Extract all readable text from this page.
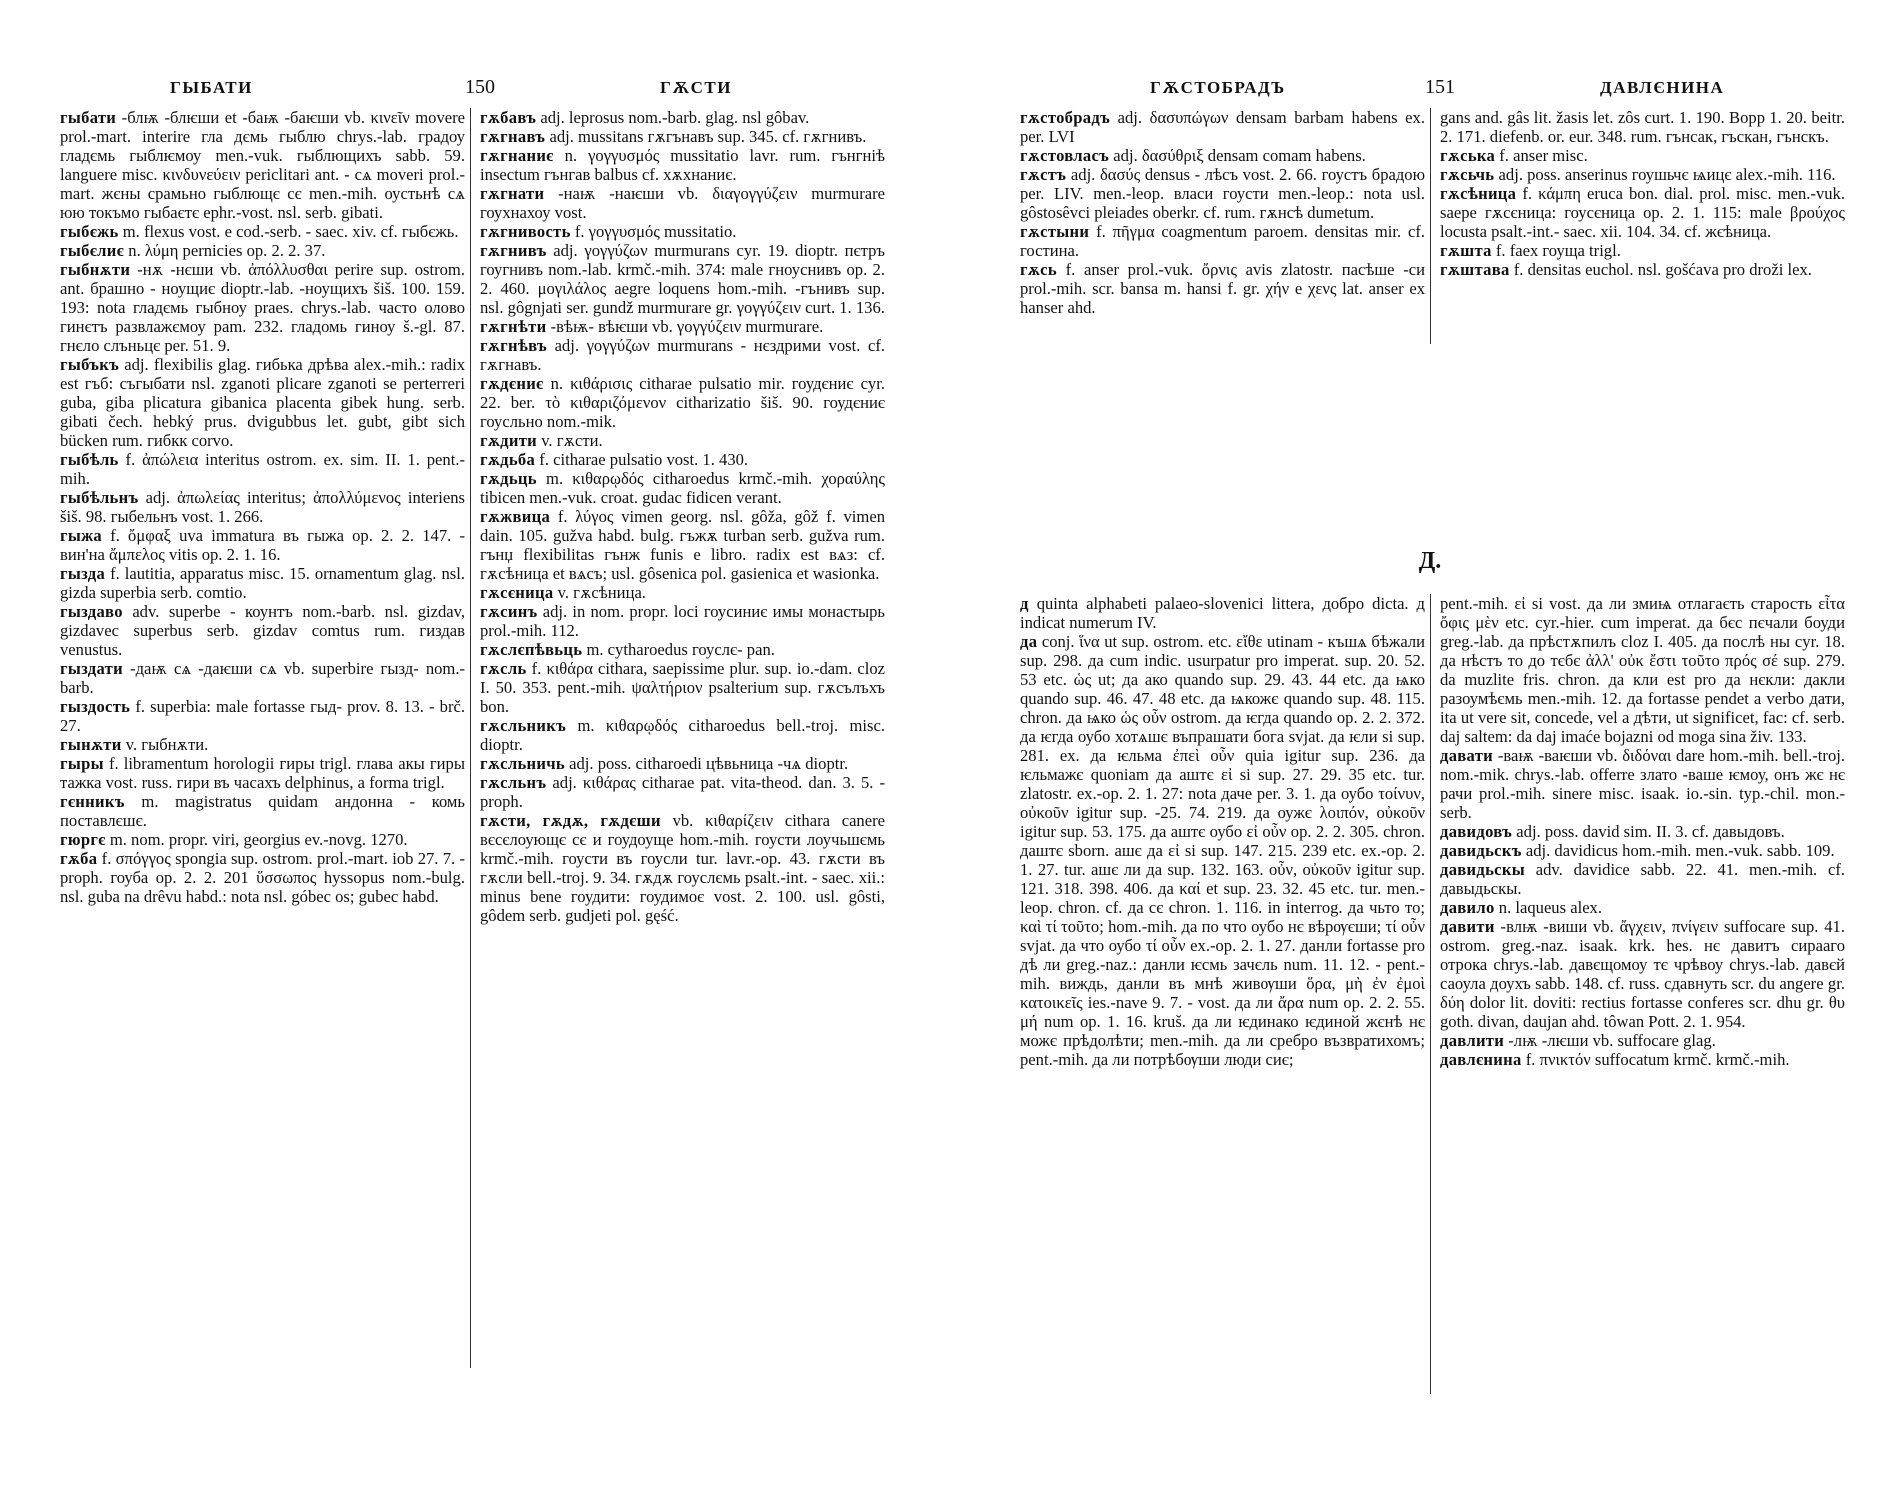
ГЫБАТИ	150	ГѪСТИ

гыбати -блѭ -блѥши et -баѭ -баѥши vb. κινεῖν movere prol.-mart. interire гла дємь гыблю chrys.-lab. градоу гладємь гыблѥмоу men.-vuk. гыблющихъ sabb. 59. languere misc. κινδυνεύειν periclitari ant. - сѧ moveri prol.-mart. жєны срамьно гыблющє сє men.-mih. оустьнѣ сѧ юю токъмо гыбаєтє ephr.-vost. nsl. serb. gibati.

гыбєжь m. flexus vost. e cod.-serb. - saec. xiv. cf. гыбєжь.

гыбєлиє n. λύμη pernicies op. 2. 2. 37.

гыбнѫти -нѫ -нєши vb. ἀπόλλυσθαι perire sup. ostrom. ant. брашно - ноущиє dioptr.-lab. -ноущихъ šiš. 100. 159. 193: nota гладємь гыбноу praes. chrys.-lab. часто олово гинєтъ развлажємоу pam. 232. гладомь гиноу š.-gl. 87. гнєло слъньцє per. 51. 9.

гыбъкъ adj. flexibilis glag. гибька дрѣва alex.-mih.: radix est гъб: съгыбати nsl. zganoti plicare zganoti se perterreri guba, giba plicatura gibanica placenta gibek hung. serb. gibati čech. hebký prus. dvigubbus let. gubt, gibt sich bücken rum. гибкк corvo.

гыбѣль f. ἀπώλεια interitus ostrom. ex. sim. II. 1. pent.-mih.

гыбѣльнъ adj. ἀπωλείας interitus; ἀπολλύμενος interiens šiš. 98. гыбельнъ vost. 1. 266.

гыжа f. ὄμφαξ uva immatura въ гыжа op. 2. 2. 147. - вин'на ἄμπελος vitis op. 2. 1. 16.

гызда f. lautitia, apparatus misc. 15. ornamentum glag. nsl. gizda superbia serb. comtio.

гыздаво adv. superbe - коунтъ nom.-barb. nsl. gizdav, gizdavec superbus serb. gizdav comtus rum. гиздав venustus.

гыздати -даѭ сѧ -даѥши сѧ vb. superbire гызд- nom.-barb.

гыздость f. superbia: male fortasse гыд- prov. 8. 13. - brč. 27.

гынѫти v. гыбнѫти.

гыры f. libramentum horologii гиры trigl. глава акы гиры тажка vost. russ. гири въ часахъ delphinus, a forma trigl.

гєнникъ m. magistratus quidam андонна - комь поставлєшє.

гюргє m. nom. propr. viri, georgius ev.-novg. 1270.

гѫба f. σπόγγος spongia sup. ostrom. prol.-mart. iob 27. 7. - proph. гоуба op. 2. 2. 201 ὕσσωπος hyssopus nom.-bulg. nsl. guba na drêvu habd.: nota nsl. góbec os; gubec habd.

гѫбавъ adj. leprosus nom.-barb. glag. nsl gôbav.

гѫгнавъ adj. mussitans гѫгънавъ sup. 345. cf. гѫгнивъ.

гѫгнаниє n. γογγυσμός mussitatio lavr. rum. гънгніѣ insectum гънгав balbus cf. хѫхнаниє.

гѫгнати -наѭ -наѥши vb. διαγογγύζειν murmurare гоухнахоу vost.

гѫгнивость f. γογγυσμός mussitatio.

гѫгнивъ adj. γογγύζων murmurans cyr. 19. dioptr. пєтръ гоугнивъ nom.-lab. krmč.-mih. 374: male гноуснивъ op. 2. 2. 460. μογιλάλος aegre loquens hom.-mih. -гънивъ sup. nsl. gôgnjati ser. gundž murmurare gr. γογγύζειν curt. 1. 136.

гѫгнѣти -вѣѭ- вѣѥши vb. γογγύζειν murmurare.

гѫгнѣвъ adj. γογγύζων murmurans - нєздрими vost. cf. гѫгнавъ.

гѫдєниє n. κιθάρισις citharae pulsatio mir. гоудєниє cyr. 22. ber. τὸ κιθαριζόμενον citharizatio šiš. 90. гоудєниє гоусльно nom.-mik.

гѫдити v. гѫсти.

гѫдьба f. citharae pulsatio vost. 1. 430.

гѫдьць m. κιθαρῳδός citharoedus krmč.-mih. χοραύλης tibicen men.-vuk. croat. gudac fidicen verant.

гѫжвица f. λύγος vimen georg. nsl. gôža, gôž f. vimen dain. 105. gužva habd. bulg. гъжѫ turban serb. gužva rum. гънџ flexibilitas гънж funis e libro. radix est вѧз: cf. гѫсѣница et вѧсъ; usl. gôsenica pol. gasienica et wasionka.

гѫсєница v. гѫсѣница.

гѫсинъ adj. in nom. propr. loci гоусиниє имы монастырь prol.-mih. 112.

гѫслєпѣвьць m. cytharoedus гоуслє- pan.

гѫсль f. κιθάρα cithara, saepissime plur. sup. io.-dam. cloz I. 50. 353. pent.-mih. ψαλτήριον psalterium sup. гѫсълъхъ bon.

гѫсльникъ m. κιθαρῳδός citharoedus bell.-troj. misc. dioptr.

гѫсльничь adj. poss. citharoedi цѣвьница -чѧ dioptr.

гѫсльнъ adj. κιθάρας citharae pat. vita-theod. dan. 3. 5. - proph.

гѫсти, гѫдѫ, гѫдєши vb. κιθαρίζειν citharа canere вєсєлоующє сє и гоудоуще hom.-mih. гоусти лоучьшємь krmč.-mih. гоусти въ гоусли tur. lavr.-op. 43. гѫсти въ гѫсли bell.-troj. 9. 34. гѫдѫ гоуслємь psalt.-int. - saec. xii.: minus bene гоудити: гоудимоє vost. 2. 100. usl. gôsti, gôdem serb. gudjeti pol. gęść.

ГѪСТОБРАДЪ	151	ДАВЛЄНИНА

гѫстобрадъ adj. δασυπώγων densam barbam habens ex. per. LVI

гѫстовласъ adj. δασύθριξ densam comam habens.

гѫстъ adj. δασύς densus - лѣсъ vost. 2. 66. гоустъ брадою per. LIV. men.-leop. власи гоусти men.-leop.: nota usl. gôstosêvci pleiades oberkr. cf. rum. гѫнсѣ dumetum.

гѫстыни f. πῆγμα coagmentum paroem. densitas mir. cf. гостина.

гѫсь f. anser prol.-vuk. ὄρνις avis zlatostr. пасѣше -си prol.-mih. scr. bansa m. hansi f. gr. χήν e χενς lat. anser ex hanser ahd.

gans and. gâs lit. žasis let. zôs curt. 1. 190. Bopp 1. 20. beitr. 2. 171. diefenb. or. eur. 348. rum. гънсак, гъскан, гънскъ.

гѫська f. anser misc.

гѫсьчь adj. poss. anserinus гоушьчє ѩицє alex.-mih. 116.

гѫсѣница f. κάμπη eruca bon. dial. prol. misc. men.-vuk. saepe гѫсєница: гоусєница op. 2. 1. 115: male βρούχος locusta psalt.-int.- saec. xii. 104. 34. cf. жєѣница.

гѫшта f. faex гоуща trigl.

гѫштава f. densitas euchol. nsl. gošćava pro droži lex.

Д.

д quinta alphabeti palaeo-slovenici littera, добро dicta. д indicat numerum IV.

да conj. ἵνα ut sup. ostrom. etc. εἴθε utinam - къшѧ бѣжали sup. 298. да cum indic. usurpatur pro imperat. sup. 20. 52. 53 etc. ὡς ut; да ако quando sup. 29. 43. 44 etc. да ѩко quando sup. 46. 47. 48 etc. да ѩкожє quando sup. 48. 115. chron. да ѩко ὡς οὖν ostrom. да ѥгда quando op. 2. 2. 372. да ѥгда оубо хотѧшє въпрашати бога svjat. да ѥли si sup. 281. ex. да ѥльма ἐπεὶ οὖν quia igitur sup. 236. да ѥльмажє quoniam да аштє εἰ si sup. 27. 29. 35 etc. tur. zlatostr. ex.-op. 2. 1. 27: nota даче per. 3. 1. да оубо τοίνυν, οὐκοῦν igitur sup. -25. 74. 219. да оужє λοιπόν, οὐκοῦν igitur sup. 53. 175. да аштє оубо εἰ οὖν op. 2. 2. 305. chron. даштє sborn. ашє да εἰ si sup. 147. 215. 239 etc. ex.-op. 2. 1. 27. tur. ашє ли да sup. 132. 163. οὖν, οὐκοῦν igitur sup. 121. 318. 398. 406. да καί et sup. 23. 32. 45 etc. tur. men.-leop. chron. cf. да сє chron. 1. 116. in interrog. да чьто то; καὶ τί τοῦτο; hom.-mih. да по что оубо нє вѣрѹєши; τί οὖν svjat. да что оубо τί οὖν ex.-op. 2. 1. 27. данли fortasse pro дѣ ли greg.-naz.: данли ѥсмь зачєль num. 11. 12. - pent.-mih. виждь, данли въ мнѣ живѹши ὅρα, μὴ ἐν ἐμοὶ κατοικεῖς ies.-nave 9. 7. - vost. да ли ἄρα num op. 2. 2. 55. μή num op. 1. 16. kruš. да ли ѥдинако ѥдиной жєнѣ нє можє прѣдолѣти; men.-mih. да ли сребро възвратихомъ; pent.-mih. да ли потрѣбѹши люди сиє;

pent.-mih. εἰ si vost. да ли змиѩ отлагаєть старость εἶτα ὄφις μὲν etc. cyr.-hier. cum imperat. да бєс пєчали боуди greg.-lab. да прѣстѫпилъ cloz I. 405. да послѣ ны cyr. 18. да нѣстъ то до тєбє ἀλλ' οὐκ ἔστι τοῦτο πρός σέ sup. 279. da muzlite fris. chron. да кли est pro да нєкли: дакли разоумѣємь men.-mih. 12. да fortasse pendet a verbo дати, ita ut vere sit, concede, vel a дѣти, ut significet, fac: cf. serb. daj saltem: da daj imaće bojazni od moga sina živ. 133.

давати -ваѭ -ваѥши vb. διδόναι dare hom.-mih. bell.-troj. nom.-mik. chrys.-lab. offerre злато -ваше ѥмоу, онъ жє нє рачи prol.-mih. sinere misc. isaak. io.-sin. typ.-chil. mon.-serb.

давидовъ adj. poss. david sim. II. 3. cf. давыдовъ.

давидьскъ adj. davidicus hom.-mih. men.-vuk. sabb. 109.

давидьскы adv. davidice sabb. 22. 41. men.-mih. cf. давыдьскы.

давило n. laqueus alex.

давити -влѭ -виши vb. ἄγχειν, πνίγειν suffocare sup. 41. ostrom. greg.-naz. isaak. krk. hes. нє давитъ сирааго отрока chrys.-lab. давєщомоу тє чрѣвоу chrys.-lab. давєй саоула доухъ sabb. 148. cf. russ. сдавнуть scr. du angere gr. δύη dolor lit. doviti: rectius fortasse conferes scr. dhu gr. θυ goth. divan, daujan ahd. tôwan Pott. 2. 1. 954.

давлити -лѭ -лѥши vb. suffocare glag.

давлєнина f. πνικτόν suffocatum krmč. krmč.-mih.
